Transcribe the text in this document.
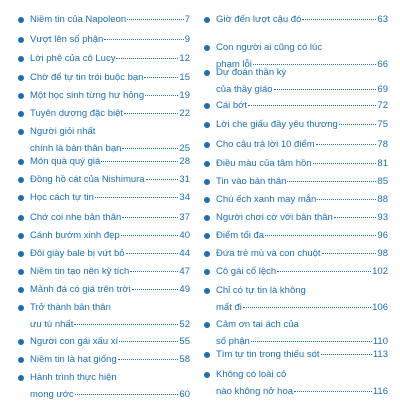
Niềm tin của Napoleon	7
Vượt lên số phận	9
Lời phê của cô Lucy	12
Chờ để tự tin trói buộc bạn	15
Một học sinh từng hư hỏng	19
Tuyên dương đặc biệt	22
Người giỏi nhất
chính là bản thân bạn	25
Món quà quý giá	28
Đồng hồ cát của Nishimura	31
Học cách tự tin	34
Chớ coi nhẹ bản thân	37
Cánh bướm xinh đẹp	40
Đôi giày bale bị vứt bỏ	44
Niềm tin tạo nên kỳ tích	47
Mảnh đá có giá trên trời	49
Trở thành bản thân
ưu tú nhất	52
Người con gái xấu xí	55
Niềm tin là hạt giống	58
Hành trình thực hiện
mong ước	60
Giờ đến lượt cậu đó	63
Con người ai cũng có lúc
phạm lỗi	66
Dự đoán thần kỳ
của thầy giáo	69
Cái bớt	72
Lời che giấu đầy yêu thương	75
Cho câu trả lời 10 điểm	78
Điều màu của tâm hồn	81
Tin vào bản thân	85
Chú ếch xanh may mắn	88
Người chơi cờ với bản thân	93
Điểm tối đa	96
Đứa trẻ mù và con chuột	98
Cô gái cổ lệch	102
Chỉ có tự tin là không
mất đi	106
Cảm ơn tai ách của
số phận	110
Tìm tự tin trong thiếu sót	113
Không có loài cỏ
nào không nở hoa	116
